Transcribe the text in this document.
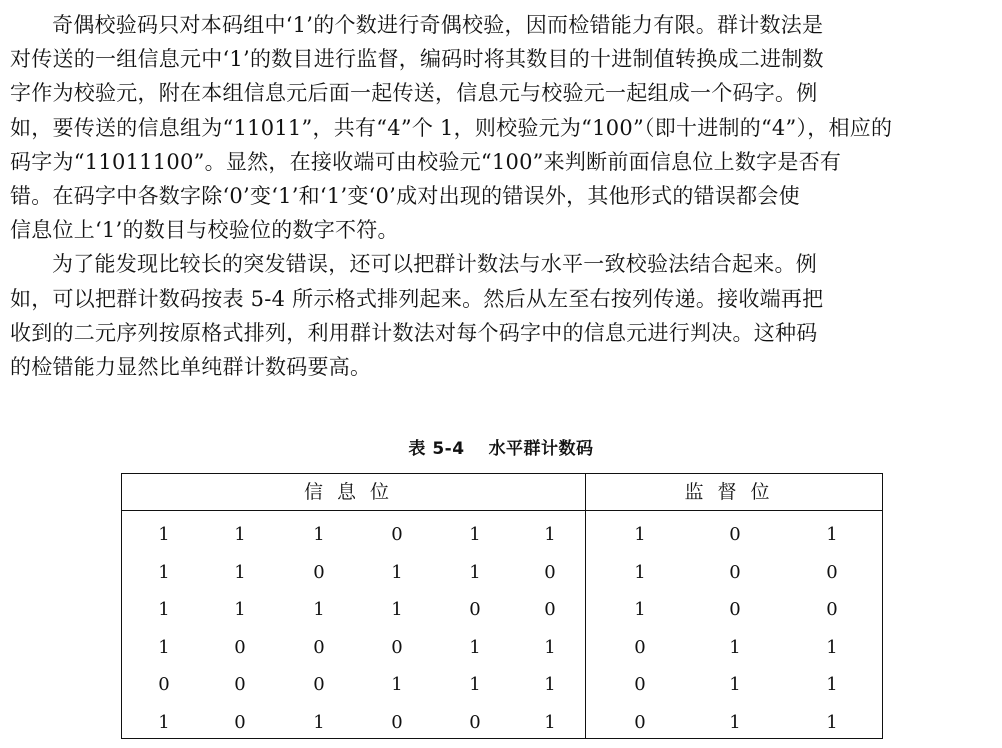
奇偶校验码只对本码组中‘1’的个数进行奇偶校验，因而检错能力有限。群计数法是
对传送的一组信息元中‘1’的数目进行监督，编码时将其数目的十进制值转换成二进制数
字作为校验元，附在本组信息元后面一起传送，信息元与校验元一起组成一个码字。例
如，要传送的信息组为“11011”，共有“4”个 1，则校验元为“100”（即十进制的“4”），相应的
码字为“11011100”。显然，在接收端可由校验元“100”来判断前面信息位上数字是否有
错。在码字中各数字除‘0’变‘1’和‘1’变‘0’成对出现的错误外，其他形式的错误都会使
信息位上‘1’的数目与校验位的数字不符。
为了能发现比较长的突发错误，还可以把群计数法与水平一致校验法结合起来。例
如，可以把群计数码按表 5-4 所示格式排列起来。然后从左至右按列传递。接收端再把
收到的二元序列按原格式排列，利用群计数法对每个码字中的信息元进行判决。这种码
的检错能力显然比单纯群计数码要高。
表 5-4 水平群计数码
信息位	监督位
1	1	1	0	1	1	1	0	1
1	1	0	1	1	0	1	0	0
1	1	1	1	0	0	1	0	0
1	0	0	0	1	1	0	1	1
0	0	0	1	1	1	0	1	1
1	0	1	0	0	1	0	1	1
